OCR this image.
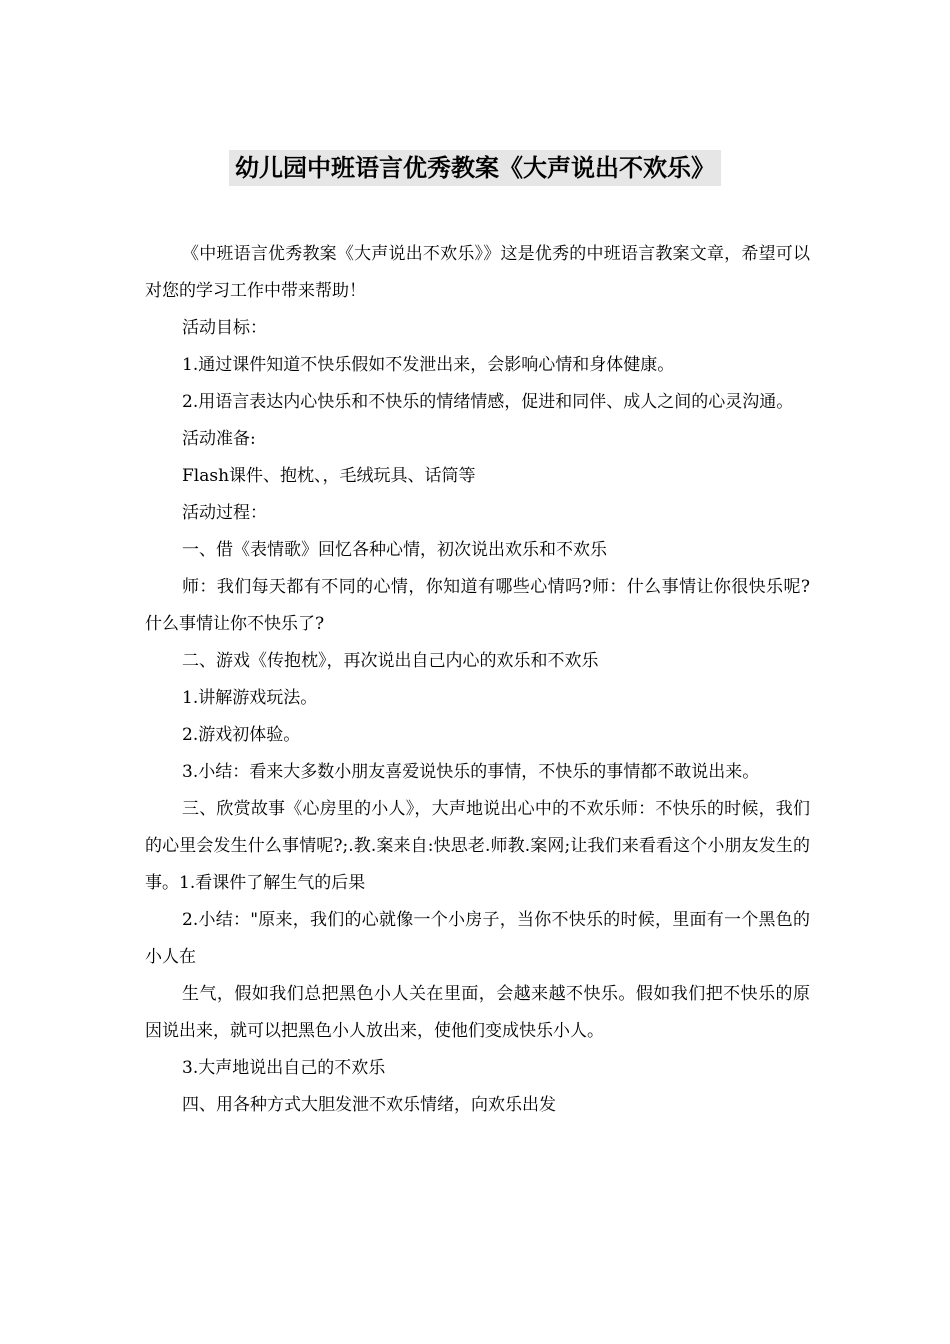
幼儿园中班语言优秀教案《大声说出不欢乐》

《中班语言优秀教案《大声说出不欢乐》》这是优秀的中班语言教案文章，希望可以对您的学习工作中带来帮助！

活动目标：

1.通过课件知道不快乐假如不发泄出来，会影响心情和身体健康。

2.用语言表达内心快乐和不快乐的情绪情感，促进和同伴、成人之间的心灵沟通。

活动准备:

Flash课件、抱枕、，毛绒玩具、话筒等

活动过程：

一、借《表情歌》回忆各种心情，初次说出欢乐和不欢乐

师：我们每天都有不同的心情，你知道有哪些心情吗?师：什么事情让你很快乐呢?什么事情让你不快乐了?

二、游戏《传抱枕》，再次说出自己内心的欢乐和不欢乐

1.讲解游戏玩法。

2.游戏初体验。

3.小结：看来大多数小朋友喜爱说快乐的事情，不快乐的事情都不敢说出来。

三、欣赏故事《心房里的小人》，大声地说出心中的不欢乐师：不快乐的时候，我们的心里会发生什么事情呢?;.教.案来自:快思老.师教.案网;让我们来看看这个小朋友发生的事。1.看课件了解生气的后果

2.小结："原来，我们的心就像一个小房子，当你不快乐的时候，里面有一个黑色的小人在

生气，假如我们总把黑色小人关在里面，会越来越不快乐。假如我们把不快乐的原因说出来，就可以把黑色小人放出来，使他们变成快乐小人。

3.大声地说出自己的不欢乐

四、用各种方式大胆发泄不欢乐情绪，向欢乐出发
